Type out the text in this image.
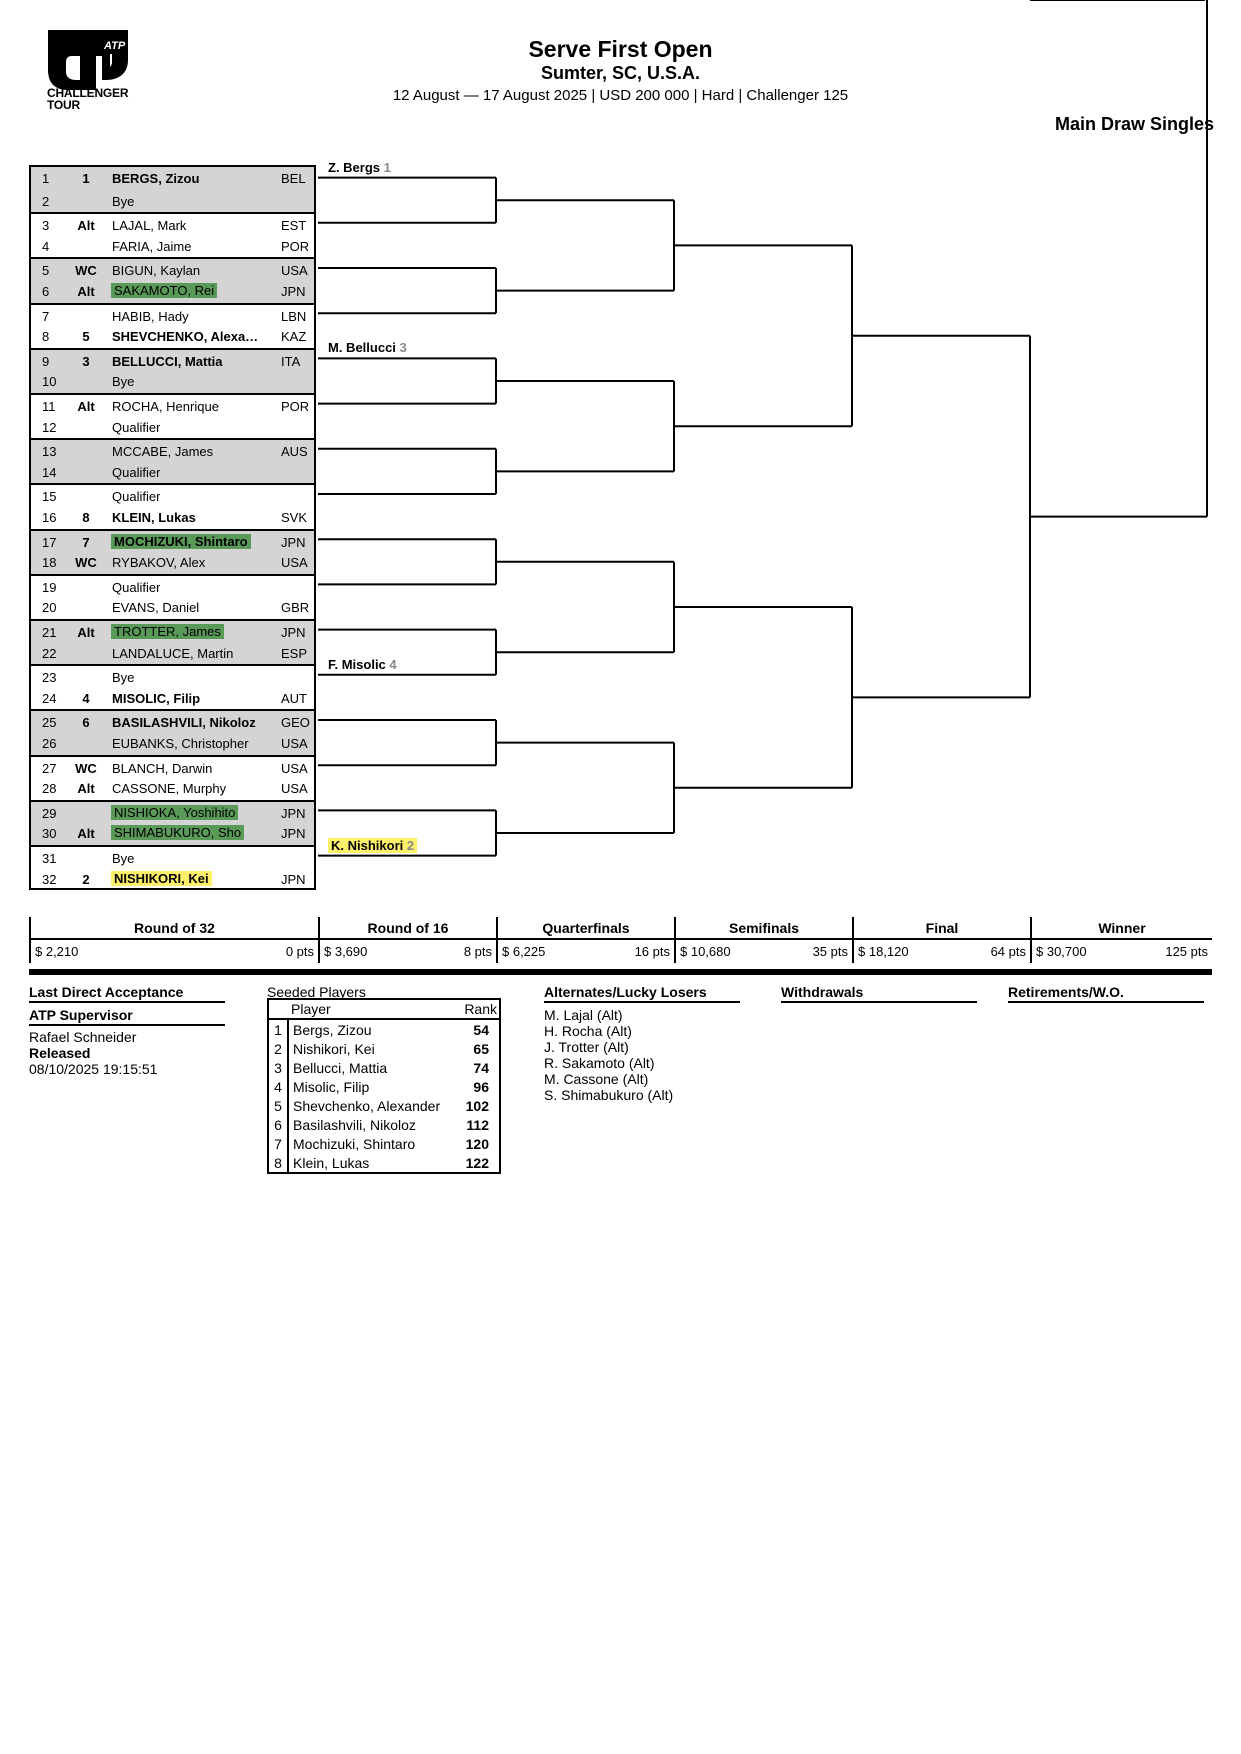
ATP
CHALLENGER
TOUR
Serve First Open
Sumter, SC, U.S.A.
12 August — 17 August 2025 | USD 200 000 | Hard | Challenger 125
Main Draw Singles
1	1	BERGS, Zizou	BEL
2	Bye
3	Alt	LAJAL, Mark	EST
4	FARIA, Jaime	POR
5	WC	BIGUN, Kaylan	USA
6	Alt	SAKAMOTO, Rei	JPN
7	HABIB, Hady	LBN
8	5	SHEVCHENKO, Alexa… KAZ
9	3	BELLUCCI, Mattia	ITA
10	Bye
11	Alt	ROCHA, Henrique	POR
12	Qualifier
13	MCCABE, James	AUS
14	Qualifier
15	Qualifier
16	8	KLEIN, Lukas	SVK
17	7	MOCHIZUKI, Shintaro	JPN
18	WC	RYBAKOV, Alex	USA
19	Qualifier
20	EVANS, Daniel	GBR
21	Alt	TROTTER, James	JPN
22	LANDALUCE, Martin	ESP
23	Bye
24	4	MISOLIC, Filip	AUT
25	6	BASILASHVILI, Nikoloz GEO
26	EUBANKS, Christopher USA
27	WC	BLANCH, Darwin	USA
28	Alt	CASSONE, Murphy	USA
29	NISHIOKA, Yoshihito	JPN
30	Alt	SHIMABUKURO, Sho	JPN
31	Bye
32	2	NISHIKORI, Kei	JPN
Z. Bergs 1
M. Bellucci 3
F. Misolic 4
K. Nishikori 2
Round of 32
$ 2,210	0 pts
Round of 16
$ 3,690	8 pts
Quarterfinals
$ 6,225	16 pts
Semifinals
$ 10,680	35 pts
Final
$ 18,120	64 pts
Winner
$ 30,700	125 pts
Last Direct Acceptance
ATP Supervisor
Rafael Schneider
Released
08/10/2025 19:15:51
Seeded Players
Player	Rank
1 Bergs, Zizou	54
2 Nishikori, Kei	65
3 Bellucci, Mattia	74
4 Misolic, Filip	96
5 Shevchenko, Alexander 102
6 Basilashvili, Nikoloz	112
7 Mochizuki, Shintaro	120
8 Klein, Lukas	122
Alternates/Lucky Losers
M. Lajal (Alt)
H. Rocha (Alt)
J. Trotter (Alt)
R. Sakamoto (Alt)
M. Cassone (Alt)
S. Shimabukuro (Alt)
Withdrawals	Retirements/W.O.
